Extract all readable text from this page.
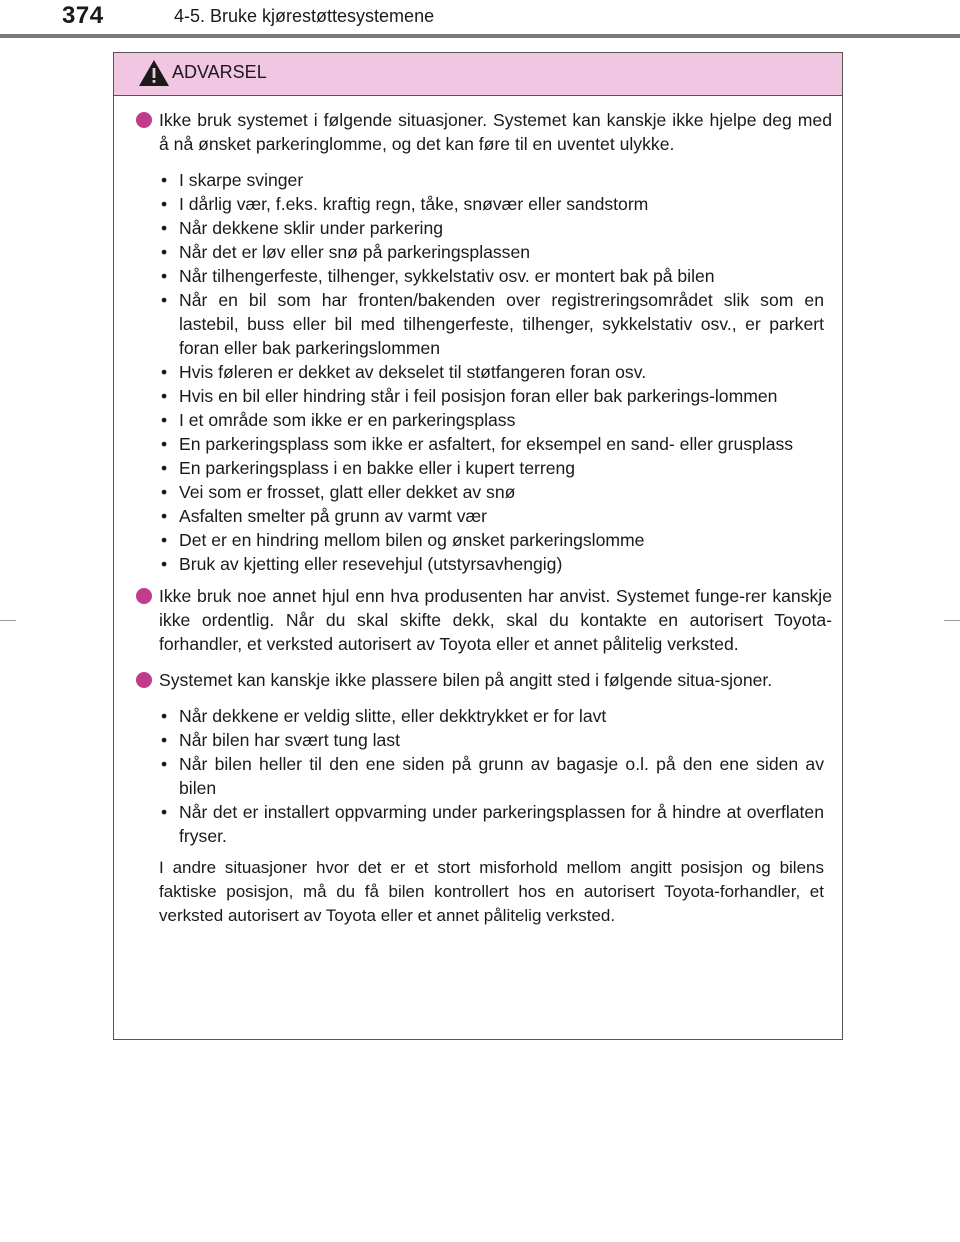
374	4-5. Bruke kjørestøttesystemene
ADVARSEL
Ikke bruk systemet i følgende situasjoner. Systemet kan kanskje ikke hjelpe deg med å nå ønsket parkeringlomme, og det kan føre til en uventet ulykke.
• I skarpe svinger
• I dårlig vær, f.eks. kraftig regn, tåke, snøvær eller sandstorm
• Når dekkene sklir under parkering
• Når det er løv eller snø på parkeringsplassen
• Når tilhengerfeste, tilhenger, sykkelstativ osv. er montert bak på bilen
• Når en bil som har fronten/bakenden over registreringsområdet slik som en lastebil, buss eller bil med tilhengerfeste, tilhenger, sykkelstativ osv., er parkert foran eller bak parkeringslommen
• Hvis føleren er dekket av dekselet til støtfangeren foran osv.
• Hvis en bil eller hindring står i feil posisjon foran eller bak parkerings-lommen
• I et område som ikke er en parkeringsplass
• En parkeringsplass som ikke er asfaltert, for eksempel en sand- eller grusplass
• En parkeringsplass i en bakke eller i kupert terreng
• Vei som er frosset, glatt eller dekket av snø
• Asfalten smelter på grunn av varmt vær
• Det er en hindring mellom bilen og ønsket parkeringslomme
• Bruk av kjetting eller resevehjul (utstyrsavhengig)
Ikke bruk noe annet hjul enn hva produsenten har anvist. Systemet funge-rer kanskje ikke ordentlig. Når du skal skifte dekk, skal du kontakte en autorisert Toyota-forhandler, et verksted autorisert av Toyota eller et annet pålitelig verksted.
Systemet kan kanskje ikke plassere bilen på angitt sted i følgende situa-sjoner.
• Når dekkene er veldig slitte, eller dekktrykket er for lavt
• Når bilen har svært tung last
• Når bilen heller til den ene siden på grunn av bagasje o.l. på den ene siden av bilen
• Når det er installert oppvarming under parkeringsplassen for å hindre at overflaten fryser.
I andre situasjoner hvor det er et stort misforhold mellom angitt posisjon og bilens faktiske posisjon, må du få bilen kontrollert hos en autorisert Toyota-forhandler, et verksted autorisert av Toyota eller et annet pålitelig verksted.
